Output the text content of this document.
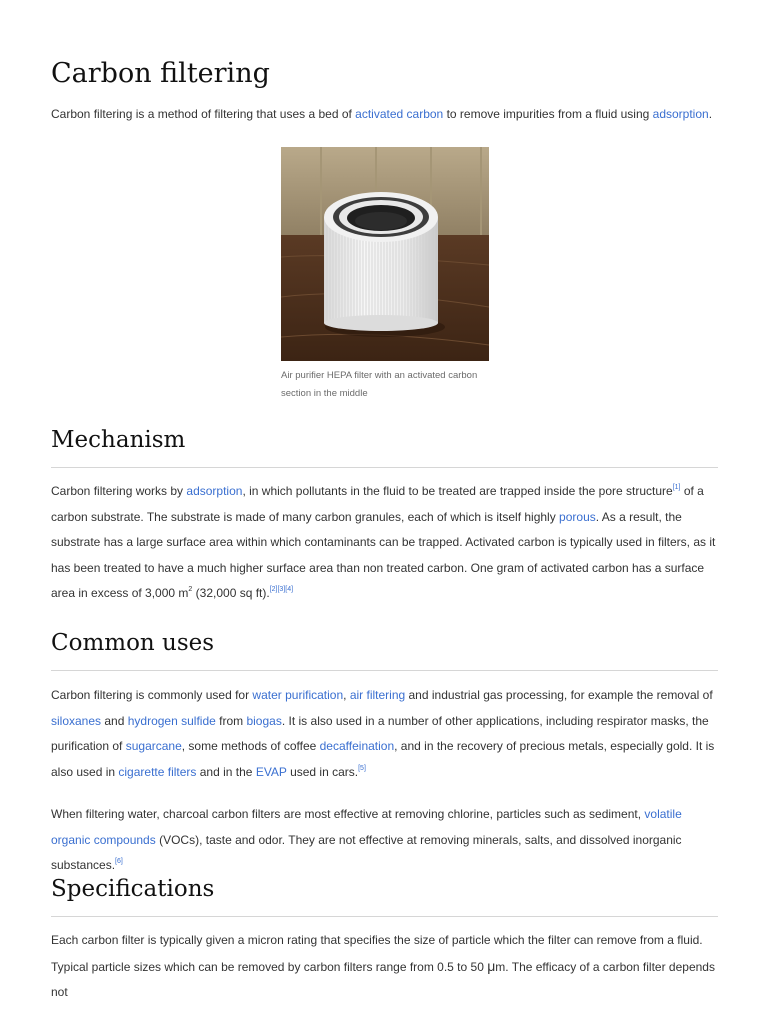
Carbon filtering

Carbon filtering is a method of filtering that uses a bed of activated carbon to remove impurities from a fluid using adsorption.

Air purifier HEPA filter with an activated carbon section in the middle
Mechanism

Carbon filtering works by adsorption, in which pollutants in the fluid to be treated are trapped inside the pore structure[1] of a carbon substrate. The substrate is made of many carbon granules, each of which is itself highly porous. As a result, the substrate has a large surface area within which contaminants can be trapped. Activated carbon is typically used in filters, as it has been treated to have a much higher surface area than non treated carbon. One gram of activated carbon has a surface area in excess of 3,000 $m^2$ (32,000 sq ft).[2][3][4]

Common uses

Carbon filtering is commonly used for water purification, air filtering and industrial gas processing, for example the removal of siloxanes and hydrogen sulfide from biogas. It is also used in a number of other applications, including respirator masks, the purification of sugarcane, some methods of coffee decaffeination, and in the recovery of precious metals, especially gold. It is also used in cigarette filters and in the EVAP used in cars.[5]

When filtering water, charcoal carbon filters are most effective at removing chlorine, particles such as sediment, volatile organic compounds (VOCs), taste and odor. They are not effective at removing minerals, salts, and dissolved inorganic substances.[6]

Specifications

Each carbon filter is typically given a micron rating that specifies the size of particle which the filter can remove from a fluid. Typical particle sizes which can be removed by carbon filters range from 0.5 to 50 μm. The efficacy of a carbon filter depends not
